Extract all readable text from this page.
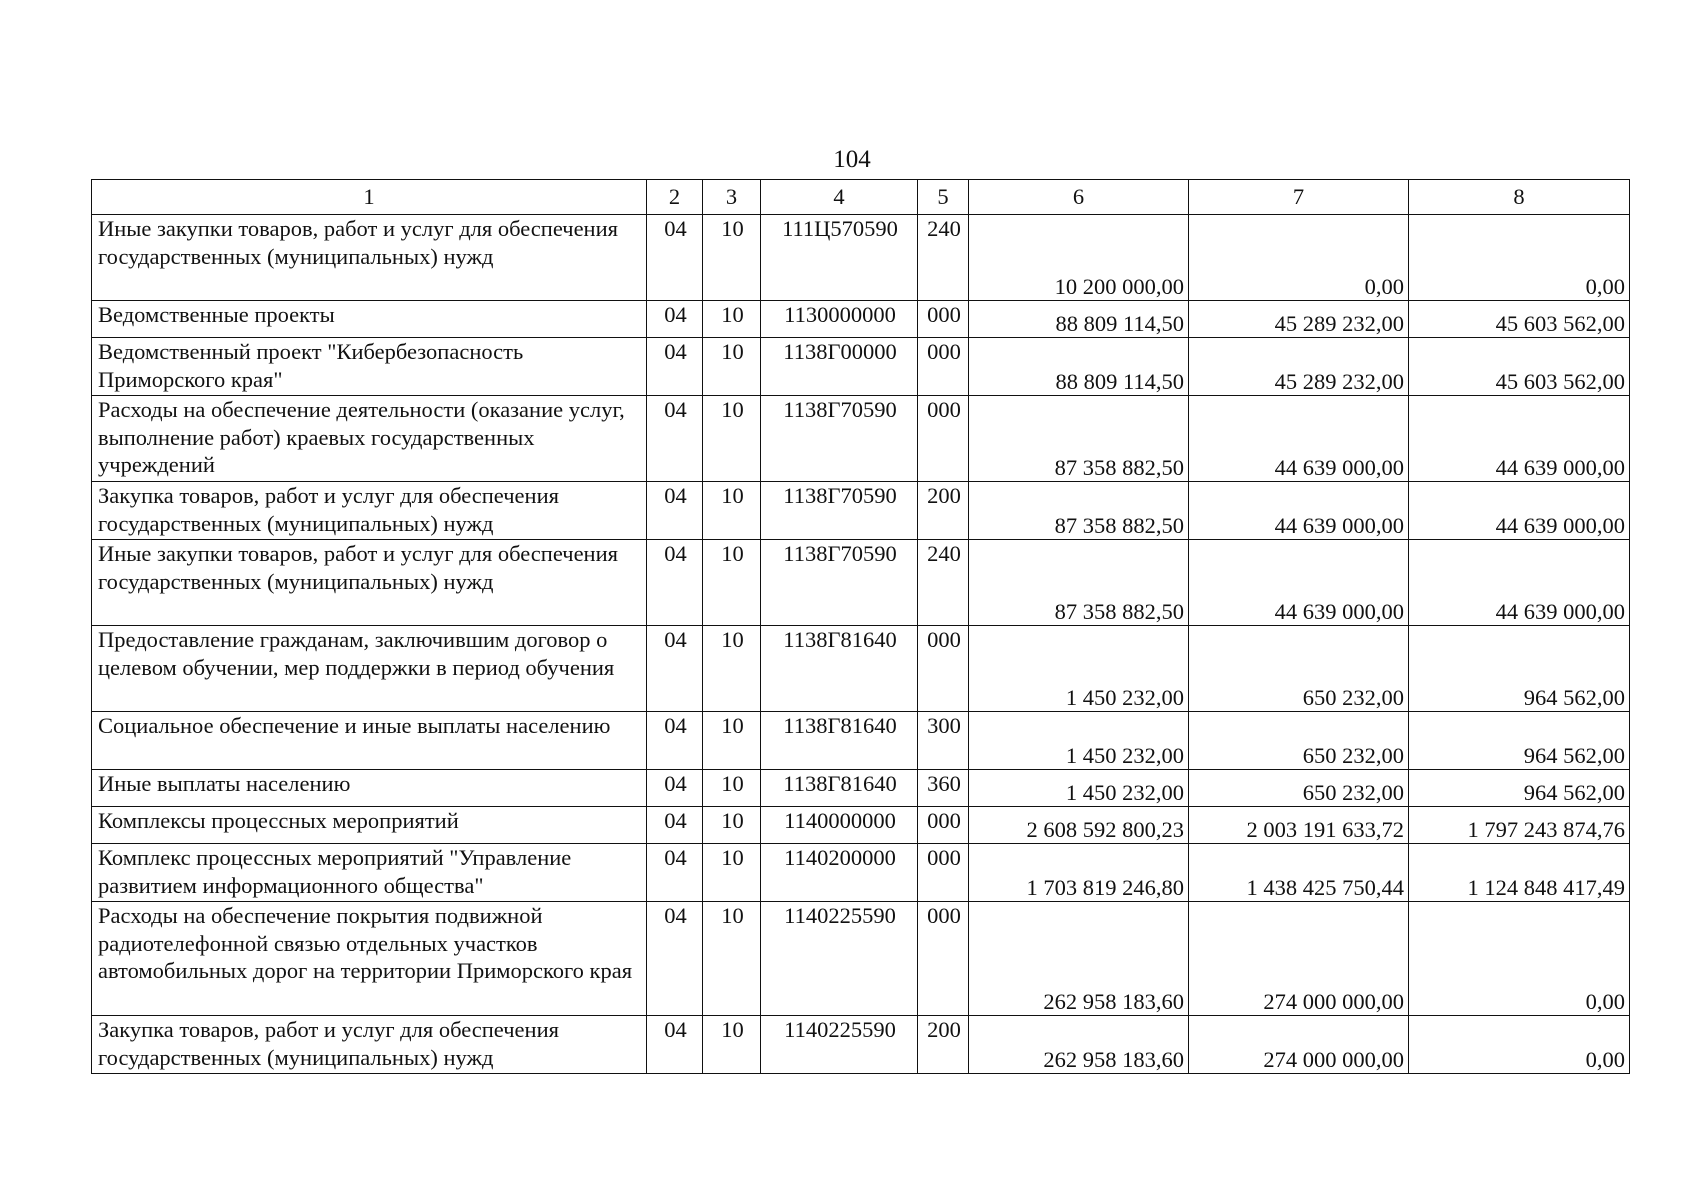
104
1	2	3	4	5	6	7	8
Иные закупки товаров, работ и услуг для обеспечения государственных (муниципальных) нужд	04	10	111Ц570590	240	10 200 000,00	0,00	0,00
Ведомственные проекты	04	10	1130000000	000	88 809 114,50	45 289 232,00	45 603 562,00
Ведомственный проект "Кибербезопасность Приморского края"	04	10	1138Г00000	000	88 809 114,50	45 289 232,00	45 603 562,00
Расходы на обеспечение деятельности (оказание услуг, выполнение работ) краевых государственных учреждений	04	10	1138Г70590	000	87 358 882,50	44 639 000,00	44 639 000,00
Закупка товаров, работ и услуг для обеспечения государственных (муниципальных) нужд	04	10	1138Г70590	200	87 358 882,50	44 639 000,00	44 639 000,00
Иные закупки товаров, работ и услуг для обеспечения государственных (муниципальных) нужд	04	10	1138Г70590	240	87 358 882,50	44 639 000,00	44 639 000,00
Предоставление гражданам, заключившим договор о целевом обучении, мер поддержки в период обучения	04	10	1138Г81640	000	1 450 232,00	650 232,00	964 562,00
Социальное обеспечение и иные выплаты населению	04	10	1138Г81640	300	1 450 232,00	650 232,00	964 562,00
Иные выплаты населению	04	10	1138Г81640	360	1 450 232,00	650 232,00	964 562,00
Комплексы процессных мероприятий	04	10	1140000000	000	2 608 592 800,23	2 003 191 633,72	1 797 243 874,76
Комплекс процессных мероприятий "Управление развитием информационного общества"	04	10	1140200000	000	1 703 819 246,80	1 438 425 750,44	1 124 848 417,49
Расходы на обеспечение покрытия подвижной радиотелефонной связью отдельных участков автомобильных дорог на территории Приморского края	04	10	1140225590	000	262 958 183,60	274 000 000,00	0,00
Закупка товаров, работ и услуг для обеспечения государственных (муниципальных) нужд	04	10	1140225590	200	262 958 183,60	274 000 000,00	0,00
